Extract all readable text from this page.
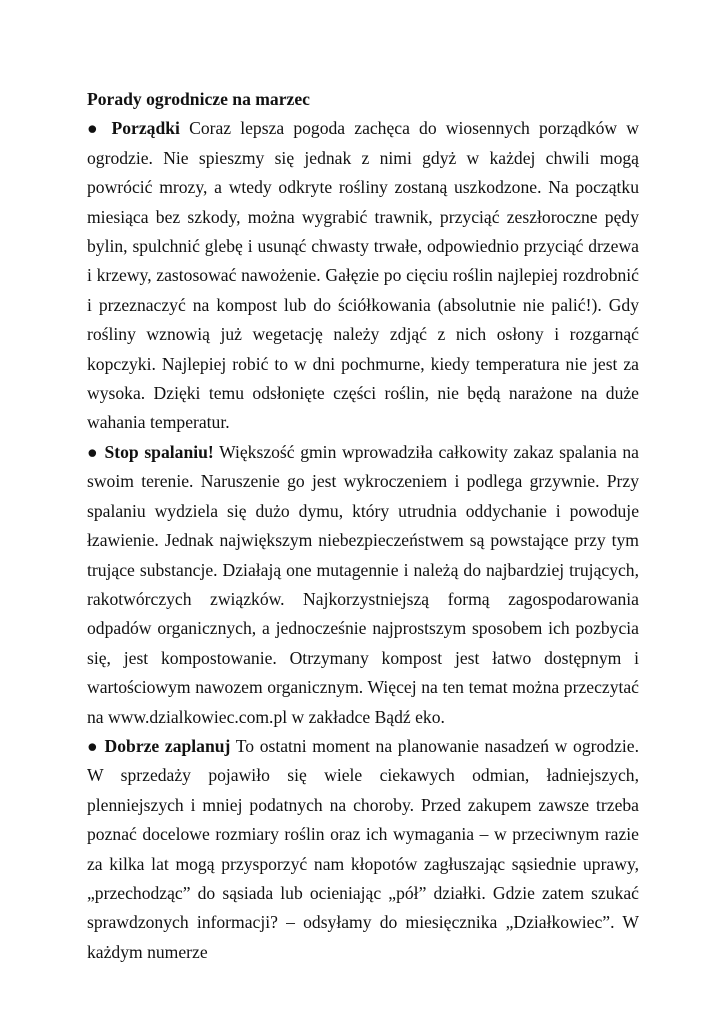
Porady ogrodnicze na marzec

● Porządki Coraz lepsza pogoda zachęca do wiosennych porządków w ogrodzie. Nie spieszmy się jednak z nimi gdyż w każdej chwili mogą powrócić mrozy, a wtedy odkryte rośliny zostaną uszkodzone. Na początku miesiąca bez szkody, można wygrabić trawnik, przyciąć zeszłoroczne pędy bylin, spulchnić glebę i usunąć chwasty trwałe, odpowiednio przyciąć drzewa i krzewy, zastosować nawożenie. Gałęzie po cięciu roślin najlepiej rozdrobnić i przeznaczyć na kompost lub do ściółkowania (absolutnie nie palić!). Gdy rośliny wznowią już wegetację należy zdjąć z nich osłony i rozgarnąć kopczyki. Najlepiej robić to w dni pochmurne, kiedy temperatura nie jest za wysoka. Dzięki temu odsłonięte części roślin, nie będą narażone na duże wahania temperatur.

● Stop spalaniu! Większość gmin wprowadziła całkowity zakaz spalania na swoim terenie. Naruszenie go jest wykroczeniem i podlega grzywnie. Przy spalaniu wydziela się dużo dymu, który utrudnia oddychanie i powoduje łzawienie. Jednak największym niebezpieczeństwem są powstające przy tym trujące substancje. Działają one mutagennie i należą do najbardziej trujących, rakotwórczych związków. Najkorzystniejszą formą zagospodarowania odpadów organicznych, a jednocześnie najprostszym sposobem ich pozbycia się, jest kompostowanie. Otrzymany kompost jest łatwo dostępnym i wartościowym nawozem organicznym. Więcej na ten temat można przeczytać na www.dzialkowiec.com.pl w zakładce Bądź eko.

● Dobrze zaplanuj To ostatni moment na planowanie nasadzeń w ogrodzie. W sprzedaży pojawiło się wiele ciekawych odmian, ładniejszych, plenniejszych i mniej podatnych na choroby. Przed zakupem zawsze trzeba poznać docelowe rozmiary roślin oraz ich wymagania – w przeciwnym razie za kilka lat mogą przysporzyć nam kłopotów zagłuszając sąsiednie uprawy, „przechodząc” do sąsiada lub ocieniając „pół” działki. Gdzie zatem szukać sprawdzonych informacji? – odsyłamy do miesięcznika „Działkowiec”. W każdym numerze
